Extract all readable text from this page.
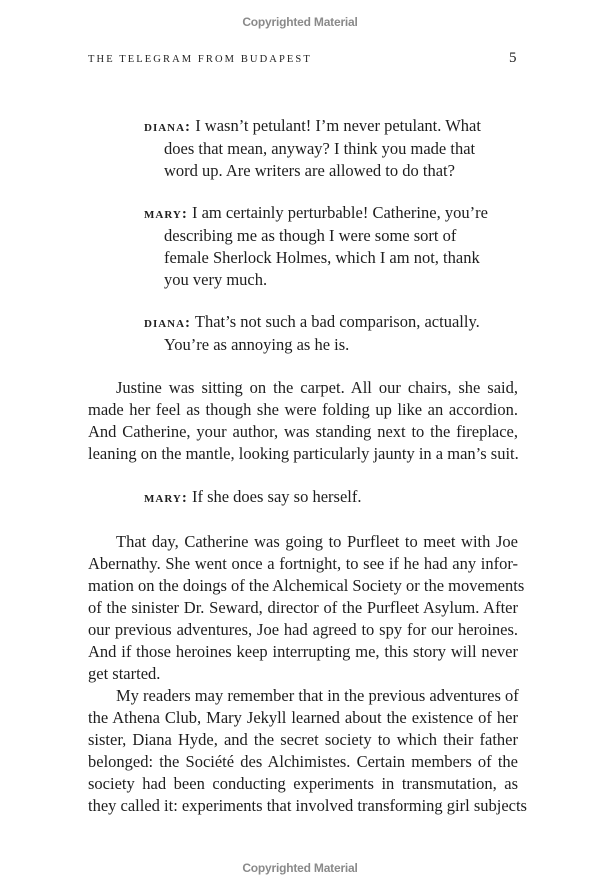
Copyrighted Material
THE TELEGRAM FROM BUDAPEST	5
diana: I wasn’t petulant! I’m never petulant. What
does that mean, anyway? I think you made that
word up. Are writers are allowed to do that?
mary: I am certainly perturbable! Catherine, you’re
describing me as though I were some sort of
female Sherlock Holmes, which I am not, thank
you very much.
diana: That’s not such a bad comparison, actually.
You’re as annoying as he is.
Justine was sitting on the carpet. All our chairs, she said,
made her feel as though she were folding up like an accordion.
And Catherine, your author, was standing next to the fireplace,
leaning on the mantle, looking particularly jaunty in a man’s suit.
mary: If she does say so herself.
That day, Catherine was going to Purfleet to meet with Joe
Abernathy. She went once a fortnight, to see if he had any infor-
mation on the doings of the Alchemical Society or the movements
of the sinister Dr. Seward, director of the Purfleet Asylum. After
our previous adventures, Joe had agreed to spy for our heroines.
And if those heroines keep interrupting me, this story will never
get started.
My readers may remember that in the previous adventures of
the Athena Club, Mary Jekyll learned about the existence of her
sister, Diana Hyde, and the secret society to which their father
belonged: the Société des Alchimistes. Certain members of the
society had been conducting experiments in transmutation, as
they called it: experiments that involved transforming girl subjects
Copyrighted Material
